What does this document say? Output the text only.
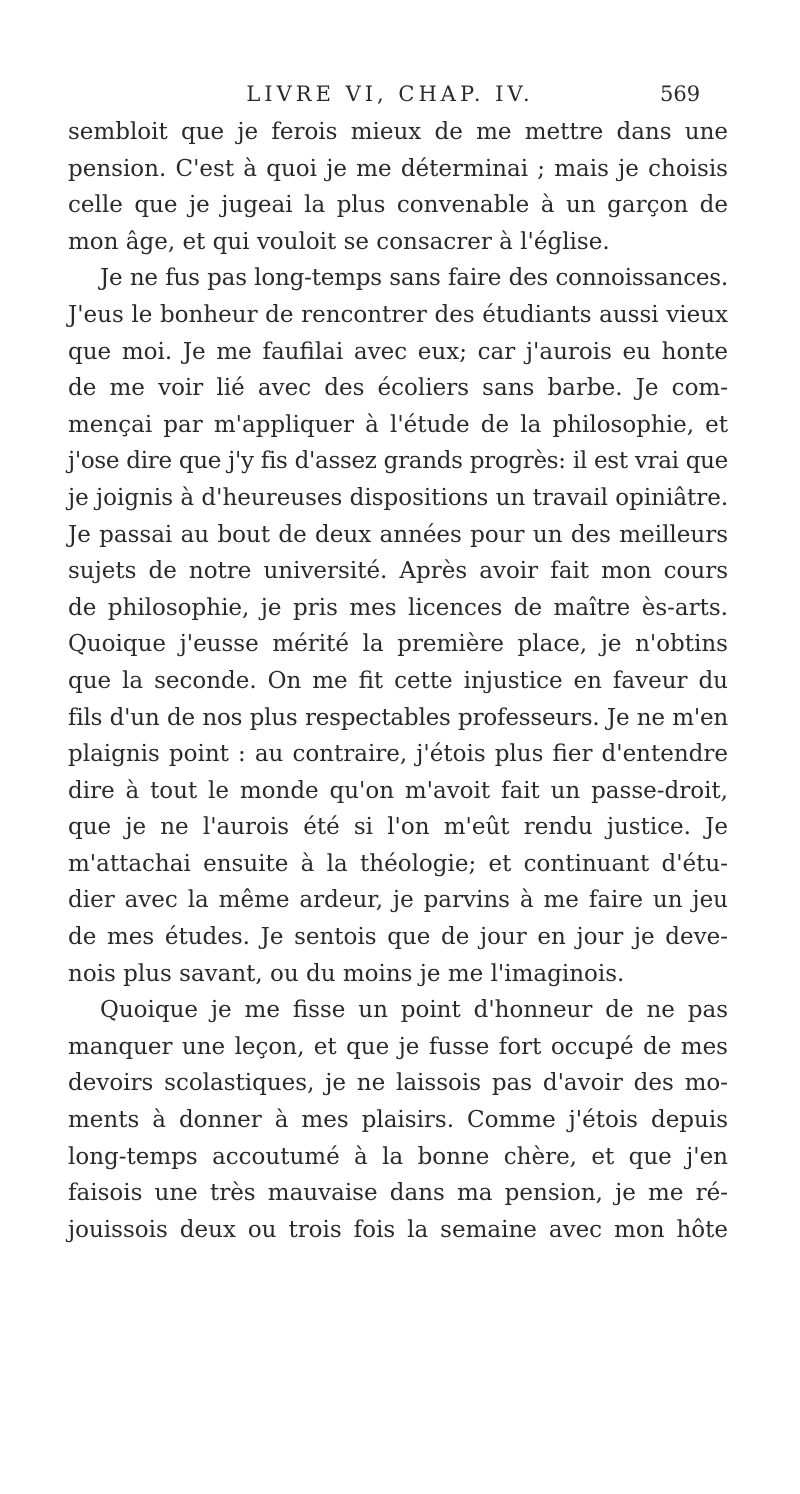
LIVRE VI, CHAP. IV.	569
sembloit que je ferois mieux de me mettre dans une
pension. C'est à quoi je me déterminai ; mais je choisis
celle que je jugeai la plus convenable à un garçon de
mon âge, et qui vouloit se consacrer à l'église.
Je ne fus pas long-temps sans faire des connoissances.
J'eus le bonheur de rencontrer des étudiants aussi vieux
que moi. Je me faufilai avec eux; car j'aurois eu honte
de me voir lié avec des écoliers sans barbe. Je com-
mençai par m'appliquer à l'étude de la philosophie, et
j'ose dire que j'y fis d'assez grands progrès: il est vrai que
je joignis à d'heureuses dispositions un travail opiniâtre.
Je passai au bout de deux années pour un des meilleurs
sujets de notre université. Après avoir fait mon cours
de philosophie, je pris mes licences de maître ès-arts.
Quoique j'eusse mérité la première place, je n'obtins
que la seconde. On me fit cette injustice en faveur du
fils d'un de nos plus respectables professeurs. Je ne m'en
plaignis point : au contraire, j'étois plus fier d'entendre
dire à tout le monde qu'on m'avoit fait un passe-droit,
que je ne l'aurois été si l'on m'eût rendu justice. Je
m'attachai ensuite à la théologie; et continuant d'étu-
dier avec la même ardeur, je parvins à me faire un jeu
de mes études. Je sentois que de jour en jour je deve-
nois plus savant, ou du moins je me l'imaginois.
Quoique je me fisse un point d'honneur de ne pas
manquer une leçon, et que je fusse fort occupé de mes
devoirs scolastiques, je ne laissois pas d'avoir des mo-
ments à donner à mes plaisirs. Comme j'étois depuis
long-temps accoutumé à la bonne chère, et que j'en
faisois une très mauvaise dans ma pension, je me ré-
jouissois deux ou trois fois la semaine avec mon hôte
